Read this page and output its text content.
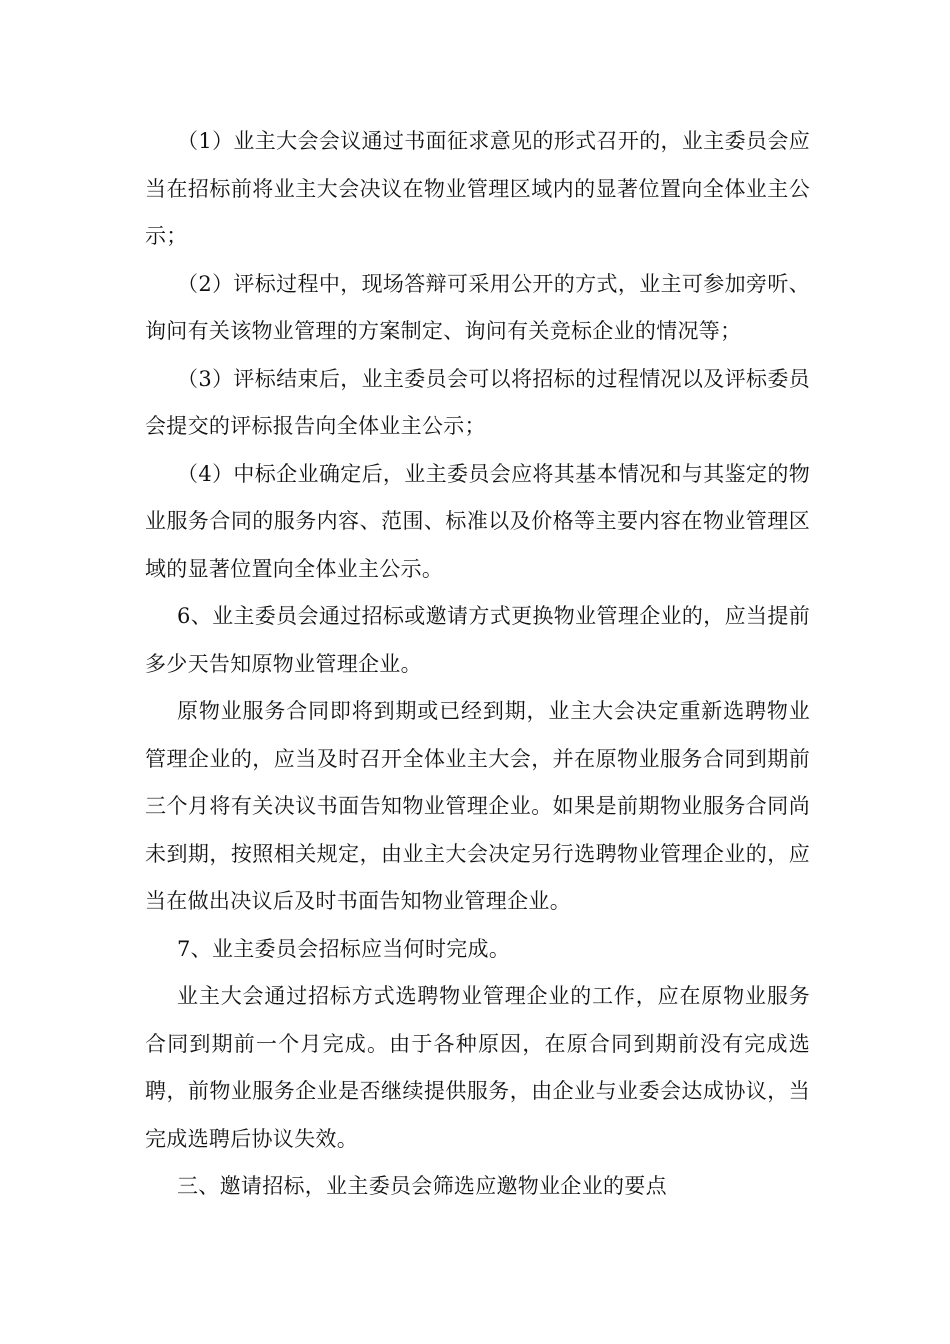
（1）业主大会会议通过书面征求意见的形式召开的，业主委员会应当在招标前将业主大会决议在物业管理区域内的显著位置向全体业主公示；

（2）评标过程中，现场答辩可采用公开的方式，业主可参加旁听、询问有关该物业管理的方案制定、询问有关竞标企业的情况等；

（3）评标结束后，业主委员会可以将招标的过程情况以及评标委员会提交的评标报告向全体业主公示；

（4）中标企业确定后，业主委员会应将其基本情况和与其鉴定的物业服务合同的服务内容、范围、标准以及价格等主要内容在物业管理区域的显著位置向全体业主公示。

6、业主委员会通过招标或邀请方式更换物业管理企业的，应当提前多少天告知原物业管理企业。

原物业服务合同即将到期或已经到期，业主大会决定重新选聘物业管理企业的，应当及时召开全体业主大会，并在原物业服务合同到期前三个月将有关决议书面告知物业管理企业。如果是前期物业服务合同尚未到期，按照相关规定，由业主大会决定另行选聘物业管理企业的，应当在做出决议后及时书面告知物业管理企业。

7、业主委员会招标应当何时完成。

业主大会通过招标方式选聘物业管理企业的工作，应在原物业服务合同到期前一个月完成。由于各种原因，在原合同到期前没有完成选聘，前物业服务企业是否继续提供服务，由企业与业委会达成协议，当完成选聘后协议失效。

三、邀请招标，业主委员会筛选应邀物业企业的要点
